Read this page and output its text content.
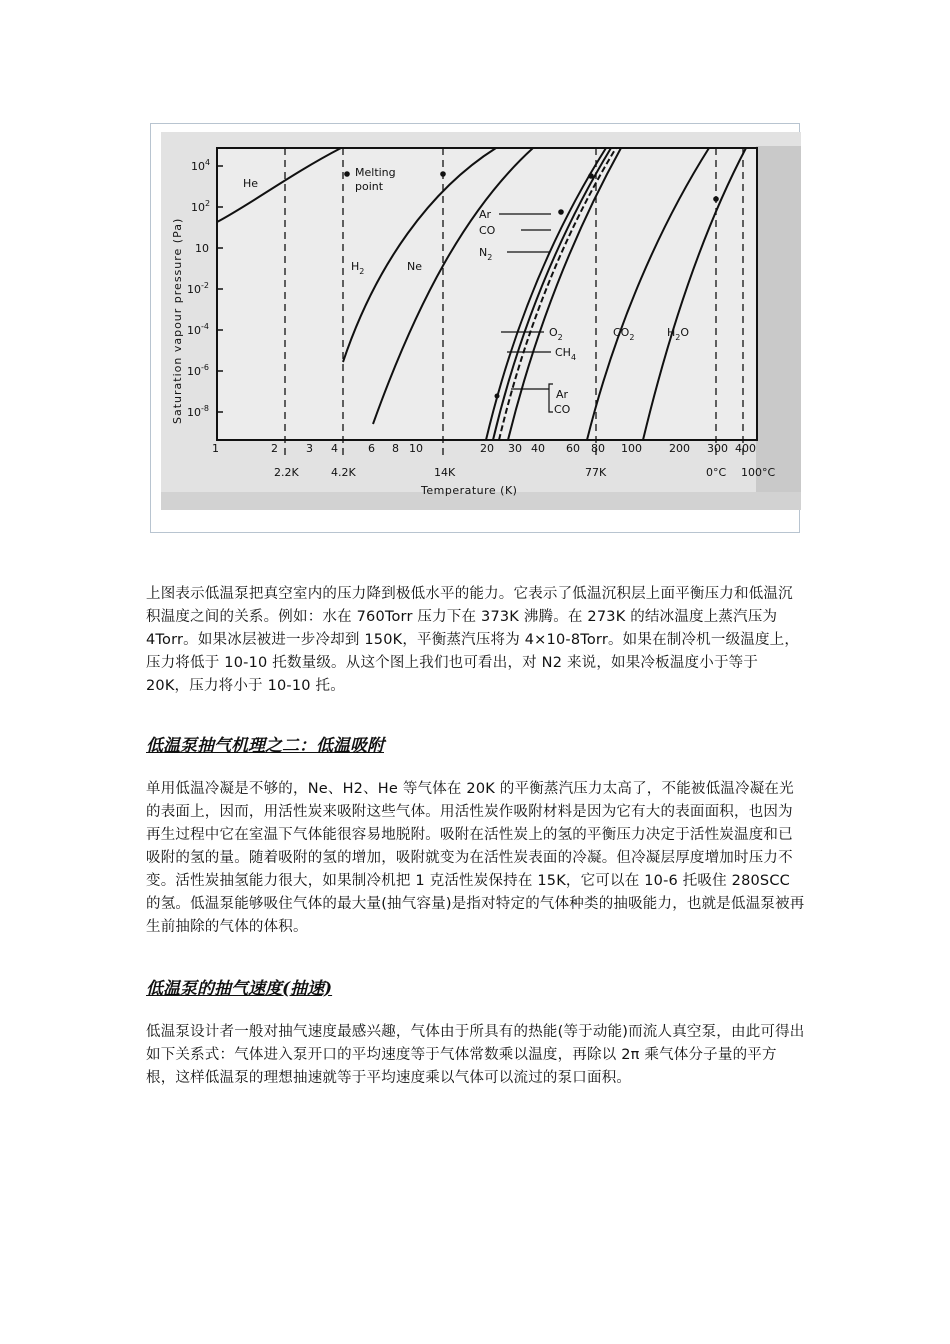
$10^4$
$10^2$
10
$10^{-2}$
$10^{-4}$
$10^{-6}$
$10^{-8}$
Saturation vapour pressure (Pa)
1	2	3 4	6 8 10	20 30 40 60 80 100 200 300 400
2.2K	4.2K	14K	77K	0°C 100°C
Temperature (K)
He
Melting
point
$H_2$	Ne
Ar
CO
$N_2$
$O_2$
$CH_4$
Ar
CO
$CO_2$	$H_2O$

上图表示低温泵把真空室内的压力降到极低水平的能力。它表示了低温沉积层上面平衡压力和低温沉积温度之间的关系。例如：水在 760Torr 压力下在 373K 沸腾。在 273K 的结冰温度上蒸汽压为 4Torr。如果冰层被进一步冷却到 150K，平衡蒸汽压将为 4×10-8Torr。如果在制冷机一级温度上，压力将低于 10-10 托数量级。从这个图上我们也可看出，对 N2 来说，如果冷板温度小于等于 20K，压力将小于 10-10 托。

低温泵抽气机理之二：低温吸附

单用低温冷凝是不够的，Ne、H2、He 等气体在 20K 的平衡蒸汽压力太高了，不能被低温冷凝在光的表面上，因而，用活性炭来吸附这些气体。用活性炭作吸附材料是因为它有大的表面面积，也因为再生过程中它在室温下气体能很容易地脱附。吸附在活性炭上的氢的平衡压力决定于活性炭温度和已吸附的氢的量。随着吸附的氢的增加，吸附就变为在活性炭表面的冷凝。但冷凝层厚度增加时压力不变。活性炭抽氢能力很大，如果制冷机把 1 克活性炭保持在 15K，它可以在 10-6 托吸住 280SCC 的氢。低温泵能够吸住气体的最大量(抽气容量)是指对特定的气体种类的抽吸能力，也就是低温泵被再生前抽除的气体的体积。

低温泵的抽气速度(抽速)

低温泵设计者一般对抽气速度最感兴趣，气体由于所具有的热能(等于动能)而流人真空泵，由此可得出如下关系式：气体进入泵开口的平均速度等于气体常数乘以温度，再除以 2π 乘气体分子量的平方根，这样低温泵的理想抽速就等于平均速度乘以气体可以流过的泵口面积。
